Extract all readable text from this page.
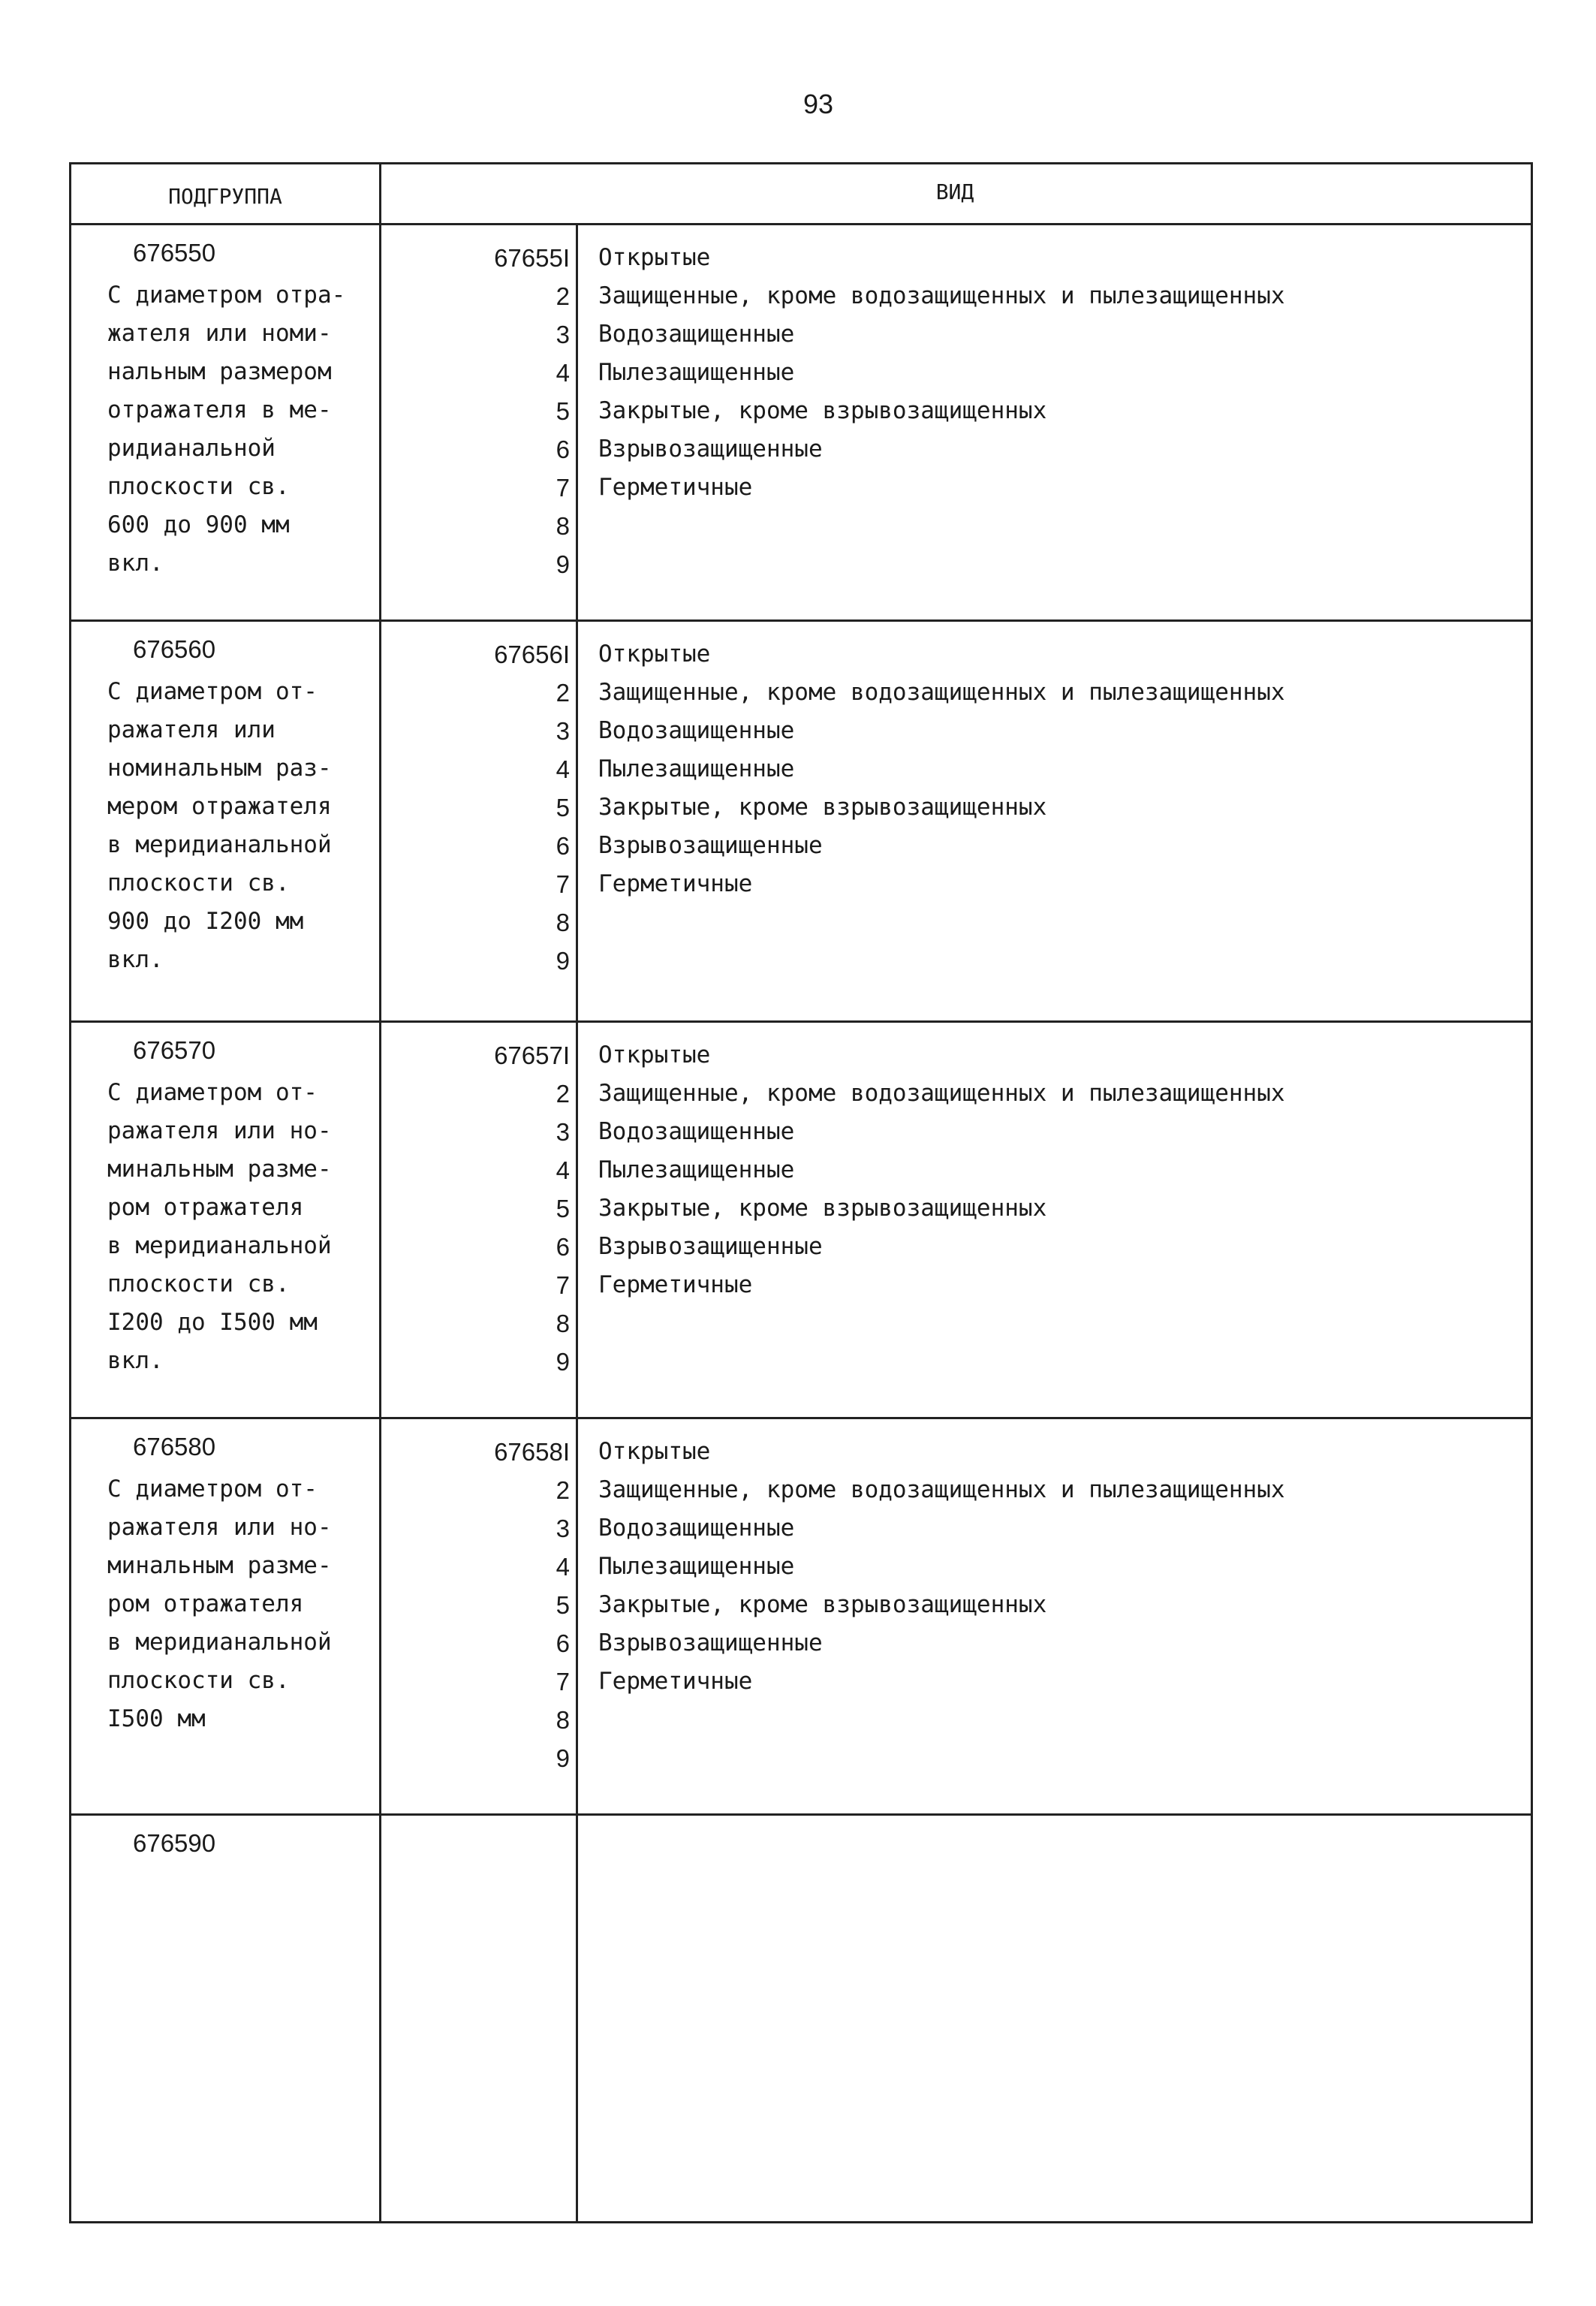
93
ПОДГРУППА	ВИД
676550
С диаметром отра-
жателя или номи-
нальным размером
отражателя в ме-
ридианальной
плоскости св.
600 до 900 мм
вкл.
67655I
2
3
4
5
6
7
8
9
Открытые
Защищенные, кроме водозащищенных и пылезащищенных
Водозащищенные
Пылезащищенные
Закрытые, кроме взрывозащищенных
Взрывозащищенные
Герметичные
676560
С диаметром от-
ражателя или
номинальным раз-
мером отражателя
в меридианальной
плоскости св.
900 до I200 мм
вкл.
67656I
2
3
4
5
6
7
8
9
Открытые
Защищенные, кроме водозащищенных и пылезащищенных
Водозащищенные
Пылезащищенные
Закрытые, кроме взрывозащищенных
Взрывозащищенные
Герметичные
676570
С диаметром от-
ражателя или но-
минальным разме-
ром отражателя
в меридианальной
плоскости св.
I200 до I500 мм
вкл.
67657I
2
3
4
5
6
7
8
9
Открытые
Защищенные, кроме водозащищенных и пылезащищенных
Водозащищенные
Пылезащищенные
Закрытые, кроме взрывозащищенных
Взрывозащищенные
Герметичные
676580
С диаметром от-
ражателя или но-
минальным разме-
ром отражателя
в меридианальной
плоскости св.
I500 мм
67658I
2
3
4
5
6
7
8
9
Открытые
Защищенные, кроме водозащищенных и пылезащищенных
Водозащищенные
Пылезащищенные
Закрытые, кроме взрывозащищенных
Взрывозащищенные
Герметичные
676590
